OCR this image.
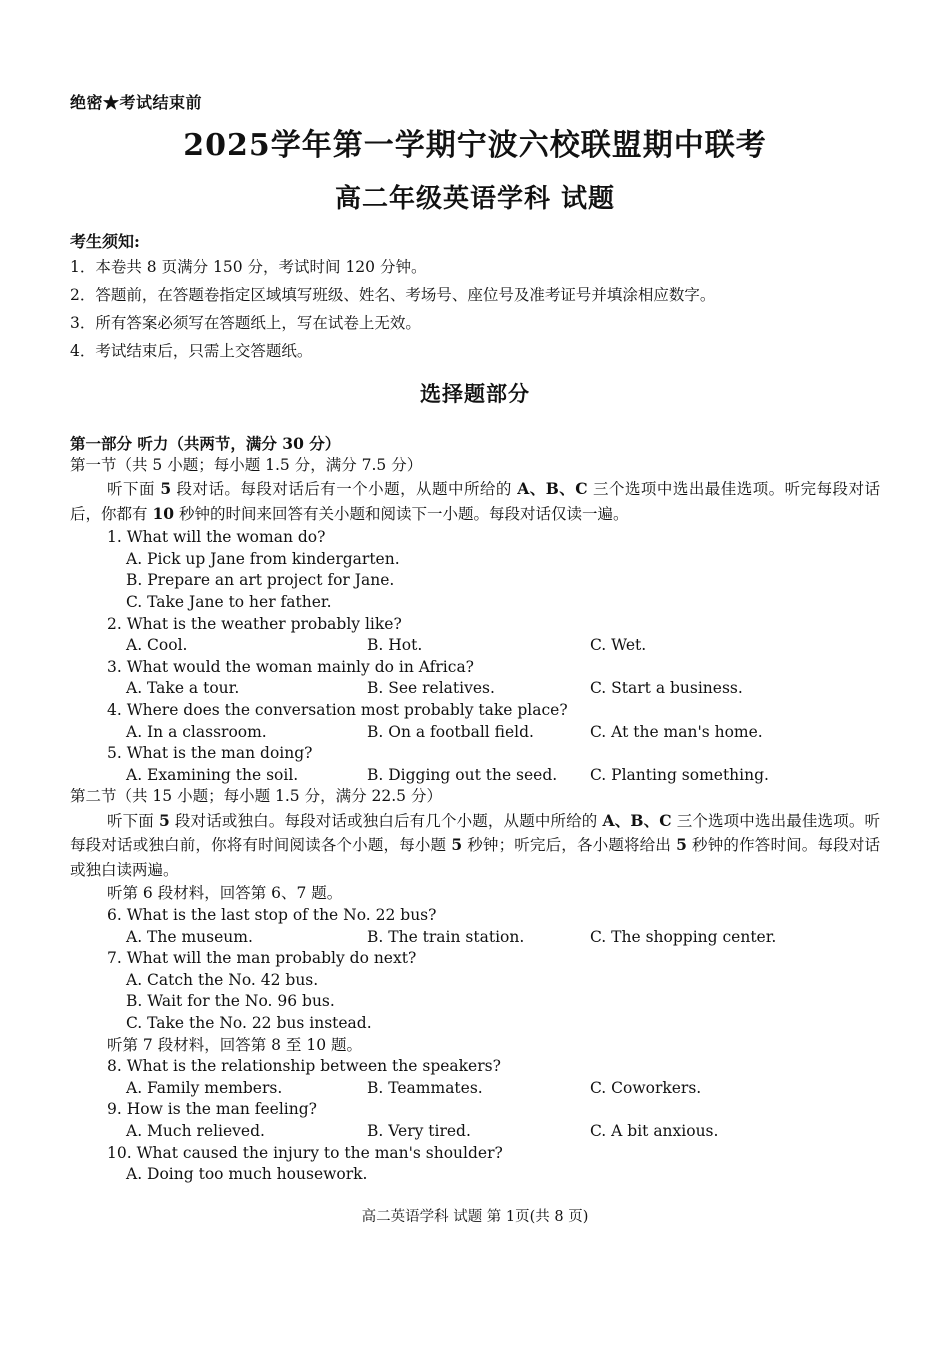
绝密★考试结束前
2025学年第一学期宁波六校联盟期中联考
高二年级英语学科 试题
考生须知:
1．本卷共 8 页满分 150 分，考试时间 120 分钟。
2．答题前，在答题卷指定区域填写班级、姓名、考场号、座位号及准考证号并填涂相应数字。
3．所有答案必须写在答题纸上，写在试卷上无效。
4．考试结束后，只需上交答题纸。
选择题部分
第一部分 听力（共两节，满分 30 分）
第一节（共 5 小题；每小题 1.5 分，满分 7.5 分）
听下面 5 段对话。每段对话后有一个小题，从题中所给的 A、B、C 三个选项中选出最佳选项。听完每段对话后，你都有 10 秒钟的时间来回答有关小题和阅读下一小题。每段对话仅读一遍。
1. What will the woman do?
A. Pick up Jane from kindergarten.
B. Prepare an art project for Jane.
C. Take Jane to her father.
2. What is the weather probably like?
A. Cool.	B. Hot.	C. Wet.
3. What would the woman mainly do in Africa?
A. Take a tour.	B. See relatives.	C. Start a business.
4. Where does the conversation most probably take place?
A. In a classroom.	B. On a football field.	C. At the man's home.
5. What is the man doing?
A. Examining the soil.	B. Digging out the seed. C. Planting something.
第二节（共 15 小题；每小题 1.5 分，满分 22.5 分）
听下面 5 段对话或独白。每段对话或独白后有几个小题，从题中所给的 A、B、C 三个选项中选出最佳选项。听每段对话或独白前，你将有时间阅读各个小题，每小题 5 秒钟；听完后，各小题将给出 5 秒钟的作答时间。每段对话或独白读两遍。
听第 6 段材料，回答第 6、7 题。
6. What is the last stop of the No. 22 bus?
A. The museum.	B. The train station.	C. The shopping center.
7. What will the man probably do next?
A. Catch the No. 42 bus.
B. Wait for the No. 96 bus.
C. Take the No. 22 bus instead.
听第 7 段材料，回答第 8 至 10 题。
8. What is the relationship between the speakers?
A. Family members.	B. Teammates.	C. Coworkers.
9. How is the man feeling?
A. Much relieved.	B. Very tired.	C. A bit anxious.
10. What caused the injury to the man's shoulder?
A. Doing too much housework.
高二英语学科 试题 第 1页(共 8 页)
